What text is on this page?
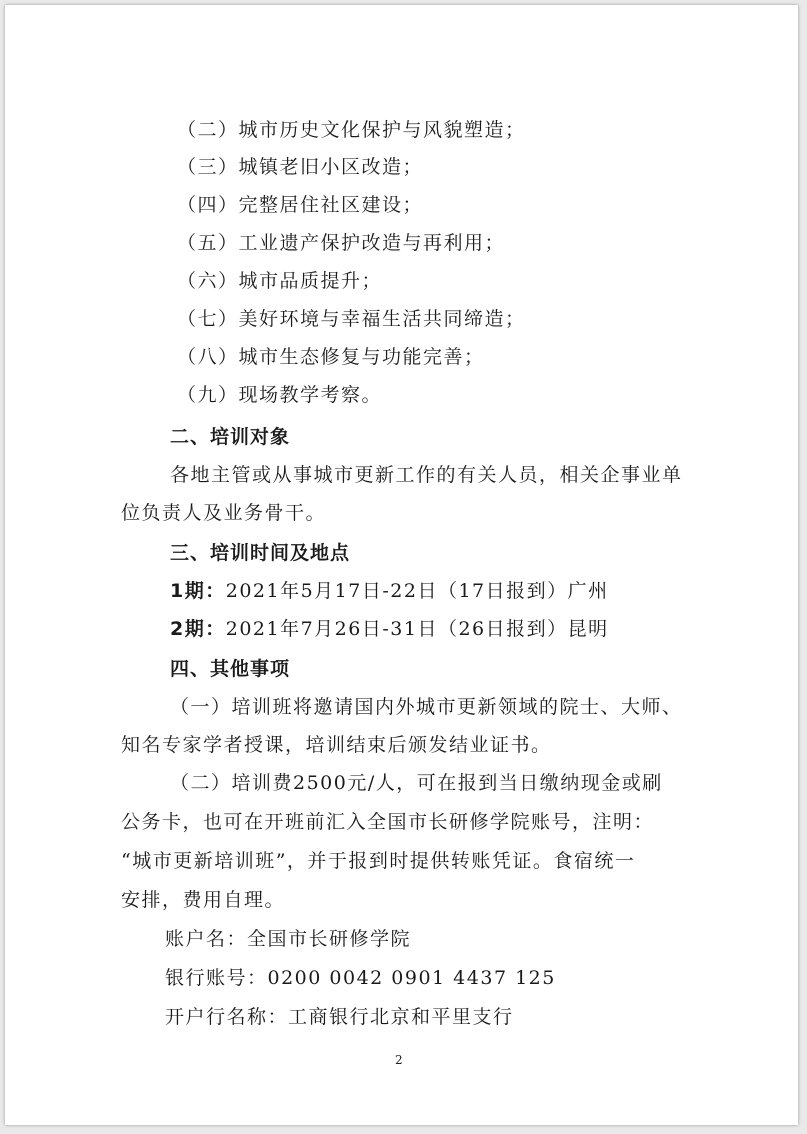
（二）城市历史文化保护与风貌塑造；
（三）城镇老旧小区改造；
（四）完整居住社区建设；
（五）工业遗产保护改造与再利用；
（六）城市品质提升；
（七）美好环境与幸福生活共同缔造；
（八）城市生态修复与功能完善；
（九）现场教学考察。
二、培训对象
各地主管或从事城市更新工作的有关人员，相关企事业单
位负责人及业务骨干。
三、培训时间及地点
1期：2021年5月17日-22日（17日报到）广州
2期：2021年7月26日-31日（26日报到）昆明
四、其他事项
（一）培训班将邀请国内外城市更新领域的院士、大师、
知名专家学者授课，培训结束后颁发结业证书。
（二）培训费2500元/人，可在报到当日缴纳现金或刷
公务卡，也可在开班前汇入全国市长研修学院账号，注明：
“城市更新培训班”，并于报到时提供转账凭证。食宿统一
安排，费用自理。
账户名：全国市长研修学院
银行账号：0200 0042 0901 4437 125
开户行名称：工商银行北京和平里支行
2
